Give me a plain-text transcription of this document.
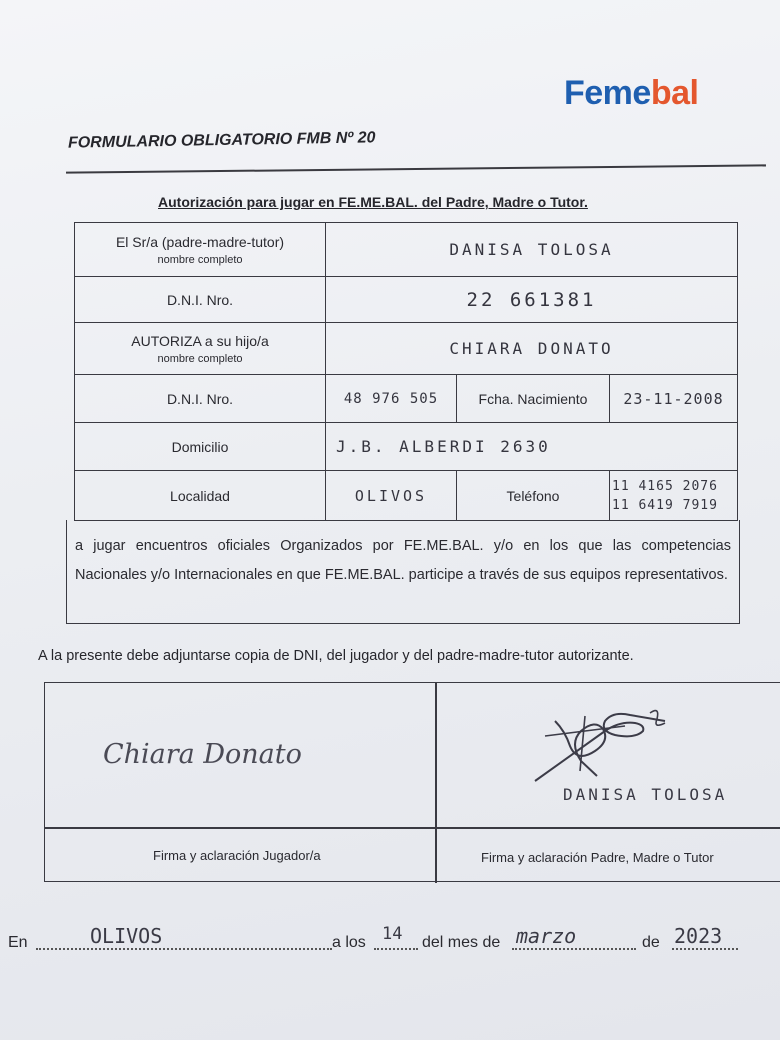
Femebal
FORMULARIO OBLIGATORIO FMB Nº 20
Autorización para jugar en FE.ME.BAL. del Padre, Madre o Tutor.
El Sr/a (padre-madre-tutor)
nombre completo	DANISA TOLOSA		
D.N.I. Nro.	22 661381		
AUTORIZA a su hijo/a
nombre completo	CHIARA DONATO		
D.N.I. Nro.	48 976 505	Fcha. Nacimiento	23-11-2008
Domicilio	J.B. ALBERDI 2630		
Localidad	OLIVOS	Teléfono	11 4165 2076
11 6419 7919
a jugar encuentros oficiales Organizados por FE.ME.BAL. y/o en los que las competencias Nacionales y/o Internacionales en que FE.ME.BAL. participe a través de sus equipos representativos.
A la presente debe adjuntarse copia de DNI, del jugador y del padre-madre-tutor autorizante.
Chiara Donato
DANISA TOLOSA
Firma y aclaración Jugador/a	Firma y aclaración Padre, Madre o Tutor
En	OLIVOS	a los 14 del mes de marzo	de 2023
